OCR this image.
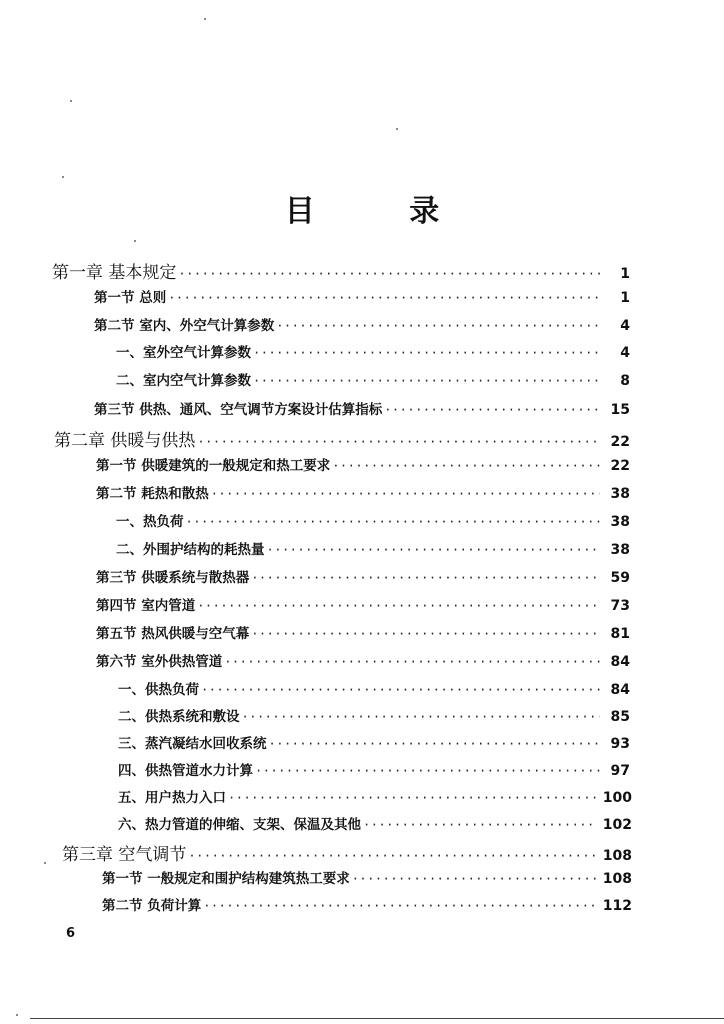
目 录
第一章 基本规定 ·····	1
第一节 总则 ·····	1
第二节 室内、外空气计算参数 ·····	4
一、室外空气计算参数 ·····	4
二、室内空气计算参数 ·····	8
第三节 供热、通风、空气调节方案设计估算指标 ·····	15
第二章 供暖与供热 ·····	22
第一节 供暖建筑的一般规定和热工要求 ·····	22
第二节 耗热和散热 ·····	38
一、热负荷 ·····	38
二、外围护结构的耗热量 ·····	38
第三节 供暖系统与散热器 ·····	59
第四节 室内管道 ·····	73
第五节 热风供暖与空气幕 ·····	81
第六节 室外供热管道 ·····	84
一、供热负荷 ·····	84
二、供热系统和敷设 ·····	85
三、蒸汽凝结水回收系统 ·····	93
四、供热管道水力计算 ·····	97
五、用户热力入口 ·····	100
六、热力管道的伸缩、支架、保温及其他 ·····	102
第三章 空气调节 ·····	108
第一节 一般规定和围护结构建筑热工要求 ·····	108
第二节 负荷计算 ·····	112
6
